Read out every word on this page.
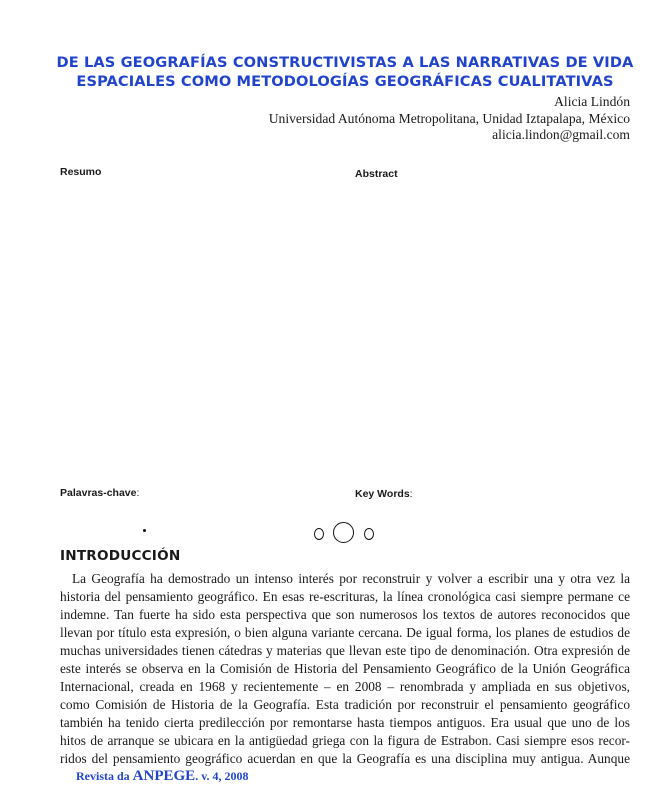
DE LAS GEOGRAFÍAS CONSTRUCTIVISTAS A LAS NARRATIVAS DE VIDA
ESPACIALES COMO METODOLOGÍAS GEOGRÁFICAS CUALITATIVAS
Alicia Lindón
Universidad Autónoma Metropolitana, Unidad Iztapalapa, México
alicia.lindon@gmail.com
Resumo	Abstract
Palavras-chave:	Key Words:
INTRODUCCIÓN
La Geografía ha demostrado un intenso interés por reconstruir y volver a escribir una y otra vez la
historia del pensamiento geográfico. En esas re-escrituras, la línea cronológica casi siempre permane ce
indemne. Tan fuerte ha sido esta perspectiva que son numerosos los textos de autores reconocidos que
llevan por título esta expresión, o bien alguna variante cercana. De igual forma, los planes de estudios de
muchas universidades tienen cátedras y materias que llevan este tipo de denominación. Otra expresión de
este interés se observa en la Comisión de Historia del Pensamiento Geográfico de la Unión Geográfica
Internacional, creada en 1968 y recientemente – en 2008 – renombrada y ampliada en sus objetivos,
como Comisión de Historia de la Geografía. Esta tradición por reconstruir el pensamiento geográfico
también ha tenido cierta predilección por remontarse hasta tiempos antiguos. Era usual que uno de los
hitos de arranque se ubicara en la antigüedad griega con la figura de Estrabon. Casi siempre esos recor-
ridos del pensamiento geográfico acuerdan en que la Geografía es una disciplina muy antigua. Aunque
Revista da ANPEGE. v. 4, 2008
